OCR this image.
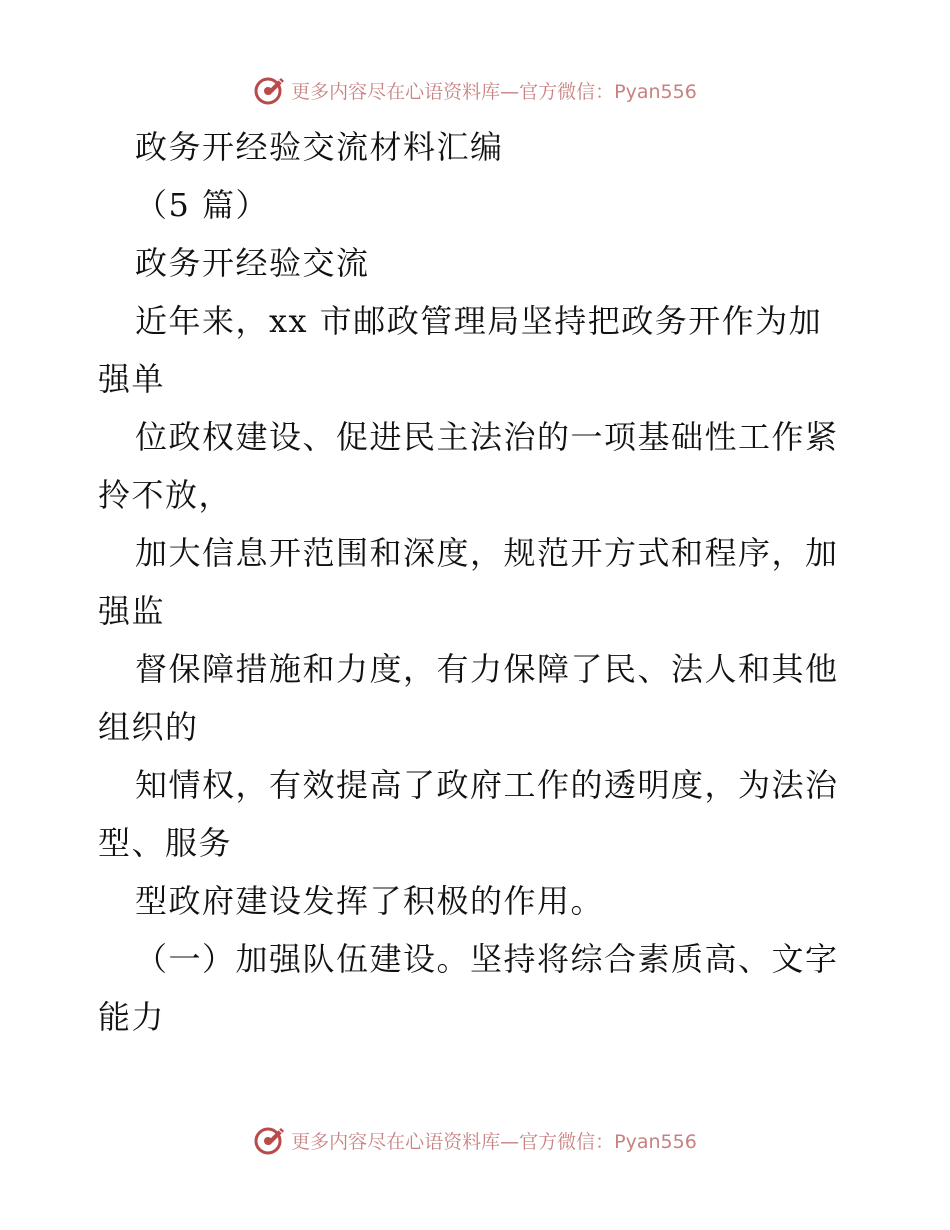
更多内容尽在心语资料库—官方微信：Pyan556
政务开经验交流材料汇编
（5 篇）
政务开经验交流
近年来，xx 市邮政管理局坚持把政务开作为加
强单
位政权建设、促进民主法治的一项基础性工作紧
拎不放，
加大信息开范围和深度，规范开方式和程序，加
强监
督保障措施和力度，有力保障了民、法人和其他
组织的
知情权，有效提高了政府工作的透明度，为法治
型、服务
型政府建设发挥了积极的作用。
（一）加强队伍建设。坚持将综合素质高、文字
能力
更多内容尽在心语资料库—官方微信：Pyan556
